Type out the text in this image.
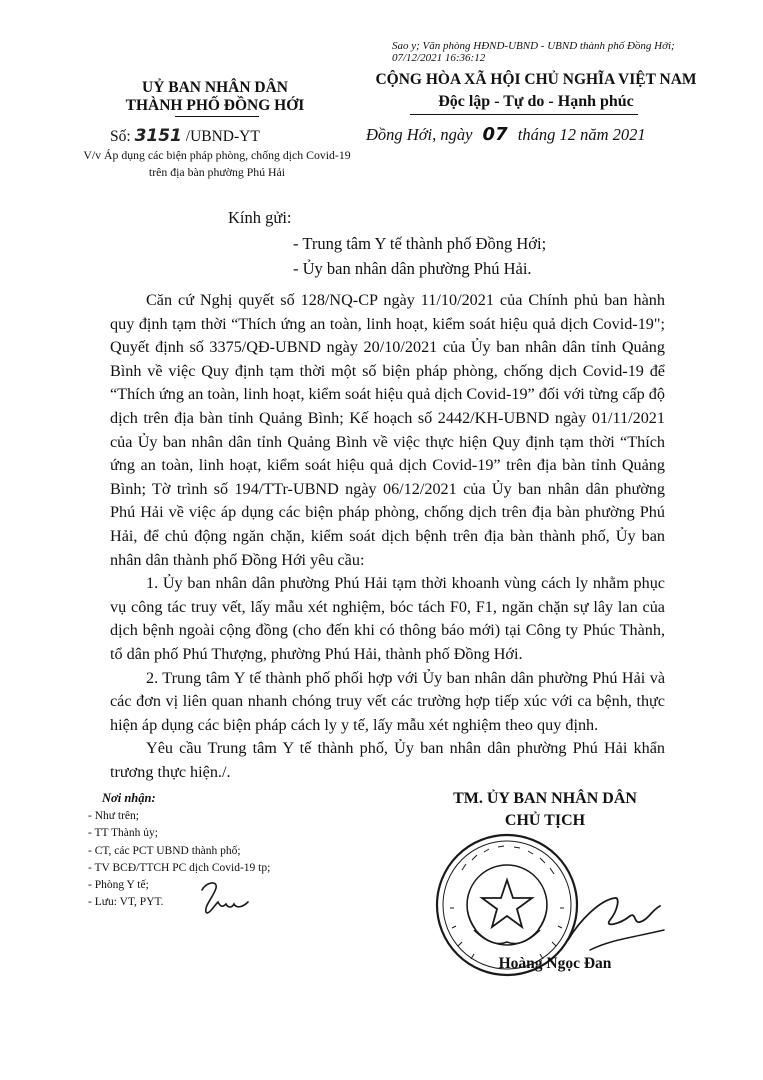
Sao y; Văn phòng HĐND-UBND - UBND thành phố Đồng Hới; 07/12/2021 16:36:12
UỶ BAN NHÂN DÂN
THÀNH PHỐ ĐỒNG HỚI
CỘNG HÒA XÃ HỘI CHỦ NGHĨA VIỆT NAM
Độc lập - Tự do - Hạnh phúc
Số: 3151 /UBND-YT
V/v Áp dụng các biện pháp phòng, chống dịch Covid-19 trên địa bàn phường Phú Hải
Đồng Hới, ngày 07 tháng 12 năm 2021
Kính gửi:
- Trung tâm Y tế thành phố Đồng Hới;
- Ủy ban nhân dân phường Phú Hải.

Căn cứ Nghị quyết số 128/NQ-CP ngày 11/10/2021 của Chính phủ ban hành quy định tạm thời “Thích ứng an toàn, linh hoạt, kiểm soát hiệu quả dịch Covid-19"; Quyết định số 3375/QĐ-UBND ngày 20/10/2021 của Ủy ban nhân dân tỉnh Quảng Bình về việc Quy định tạm thời một số biện pháp phòng, chống dịch Covid-19 để “Thích ứng an toàn, linh hoạt, kiểm soát hiệu quả dịch Covid-19” đối với từng cấp độ dịch trên địa bàn tỉnh Quảng Bình; Kế hoạch số 2442/KH-UBND ngày 01/11/2021 của Ủy ban nhân dân tỉnh Quảng Bình về việc thực hiện Quy định tạm thời “Thích ứng an toàn, linh hoạt, kiểm soát hiệu quả dịch Covid-19” trên địa bàn tỉnh Quảng Bình; Tờ trình số 194/TTr-UBND ngày 06/12/2021 của Ủy ban nhân dân phường Phú Hải về việc áp dụng các biện pháp phòng, chống dịch trên địa bàn phường Phú Hải, để chủ động ngăn chặn, kiểm soát dịch bệnh trên địa bàn thành phố, Ủy ban nhân dân thành phố Đồng Hới yêu cầu:

1. Ủy ban nhân dân phường Phú Hải tạm thời khoanh vùng cách ly nhằm phục vụ công tác truy vết, lấy mẫu xét nghiệm, bóc tách F0, F1, ngăn chặn sự lây lan của dịch bệnh ngoài cộng đồng (cho đến khi có thông báo mới) tại Công ty Phúc Thành, tổ dân phố Phú Thượng, phường Phú Hải, thành phố Đồng Hới.

2. Trung tâm Y tế thành phố phối hợp với Ủy ban nhân dân phường Phú Hải và các đơn vị liên quan nhanh chóng truy vết các trường hợp tiếp xúc với ca bệnh, thực hiện áp dụng các biện pháp cách ly y tế, lấy mẫu xét nghiệm theo quy định.

Yêu cầu Trung tâm Y tế thành phố, Ủy ban nhân dân phường Phú Hải khẩn trương thực hiện./.

Nơi nhận:
- Như trên;
- TT Thành ủy;
- CT, các PCT UBND thành phố;
- TV BCĐ/TTCH PC dịch Covid-19 tp;
- Phòng Y tế;
- Lưu: VT, PYT.
TM. ỦY BAN NHÂN DÂN
CHỦ TỊCH
Hoàng Ngọc Đan
